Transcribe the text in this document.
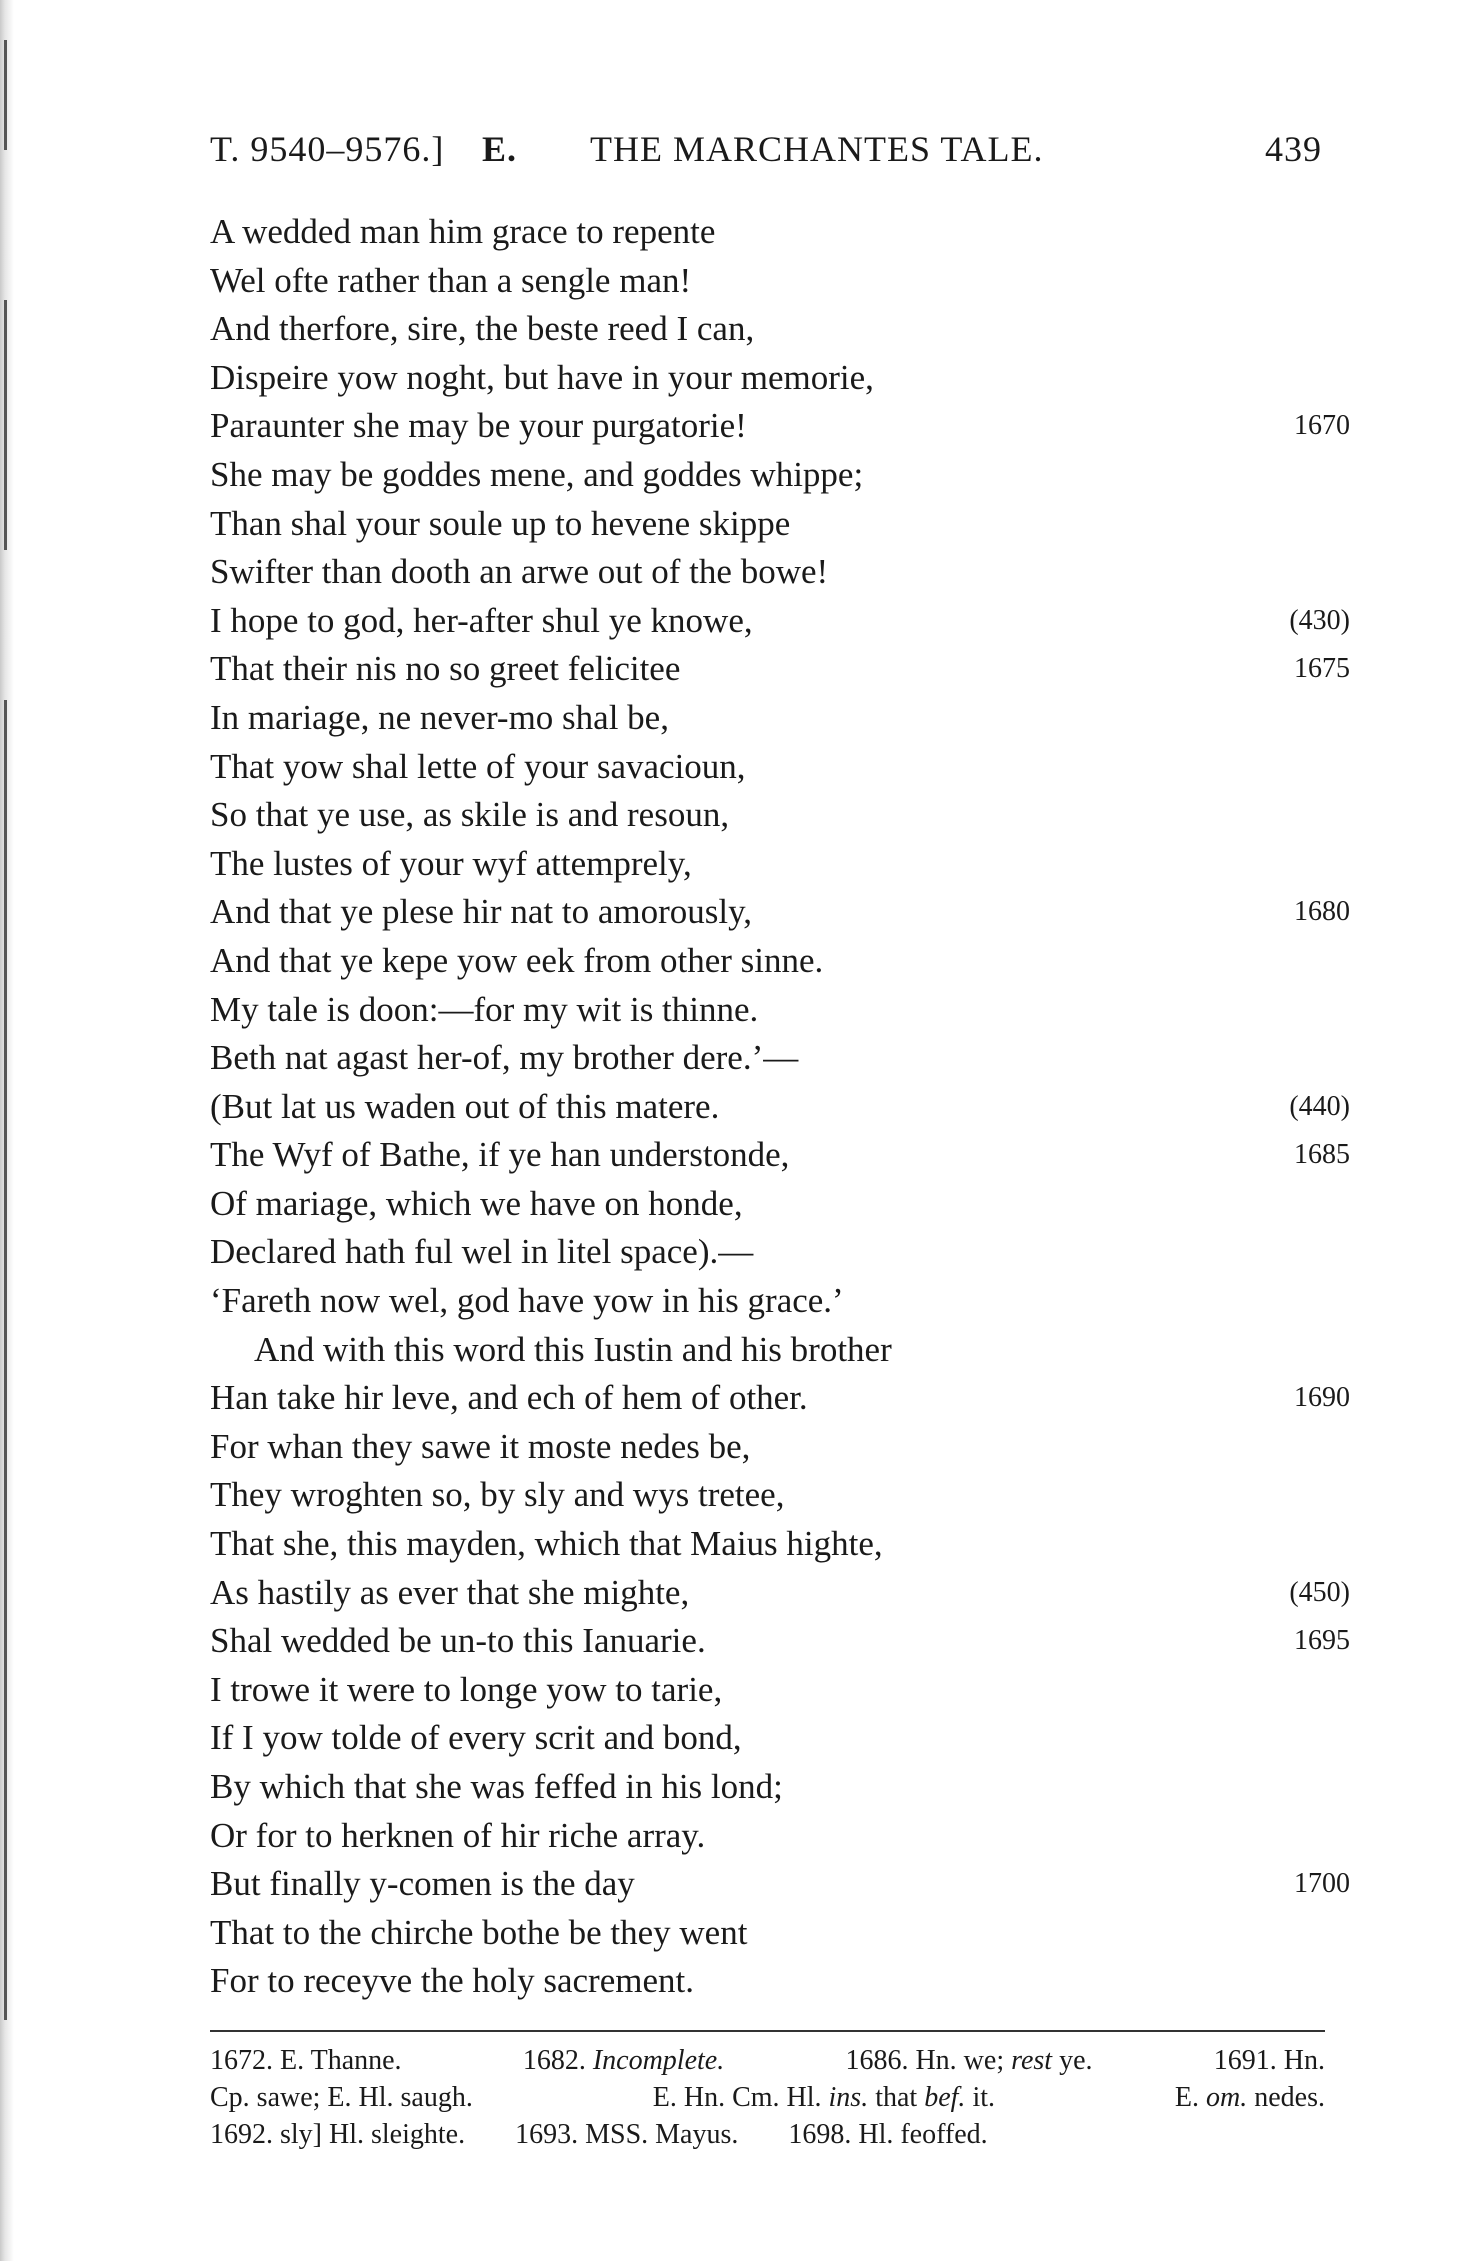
T. 9540–9576.] E. THE MARCHANTES TALE.	439
A wedded man him grace to repente
Wel ofte rather than a sengle man!
And therfore, sire, the beste reed I can,
Dispeire yow noght, but have in your memorie,
Paraunter she may be your purgatorie!	1670
She may be goddes mene, and goddes whippe;
Than shal your soule up to hevene skippe
Swifter than dooth an arwe out of the bowe!
I hope to god, her-after shul ye knowe,	(430)
That their nis no so greet felicitee	1675
In mariage, ne never-mo shal be,
That yow shal lette of your savacioun,
So that ye use, as skile is and resoun,
The lustes of your wyf attemprely,
And that ye plese hir nat to amorously,	1680
And that ye kepe yow eek from other sinne.
My tale is doon:—for my wit is thinne.
Beth nat agast her-of, my brother dere.’—
(But lat us waden out of this matere.	(440)
The Wyf of Bathe, if ye han understonde,	1685
Of mariage, which we have on honde,
Declared hath ful wel in litel space).—
‘Fareth now wel, god have yow in his grace.’
And with this word this Iustin and his brother
Han take hir leve, and ech of hem of other.	1690
For whan they sawe it moste nedes be,
They wroghten so, by sly and wys tretee,
That she, this mayden, which that Maius highte,
As hastily as ever that she mighte,	(450)
Shal wedded be un-to this Ianuarie.	1695
I trowe it were to longe yow to tarie,
If I yow tolde of every scrit and bond,
By which that she was feffed in his lond;
Or for to herknen of hir riche array.
But finally y-comen is the day	1700
That to the chirche bothe be they went
For to receyve the holy sacrement.
1672. E. Thanne.	1682. Incomplete.	1686. Hn. we; rest ye.	1691. Hn.
Cp. sawe; E. Hl. saugh.	E. Hn. Cm. Hl. ins. that bef. it.	E. om. nedes.
1692. sly] Hl. sleighte. 1693. MSS. Mayus. 1698. Hl. feoffed.
